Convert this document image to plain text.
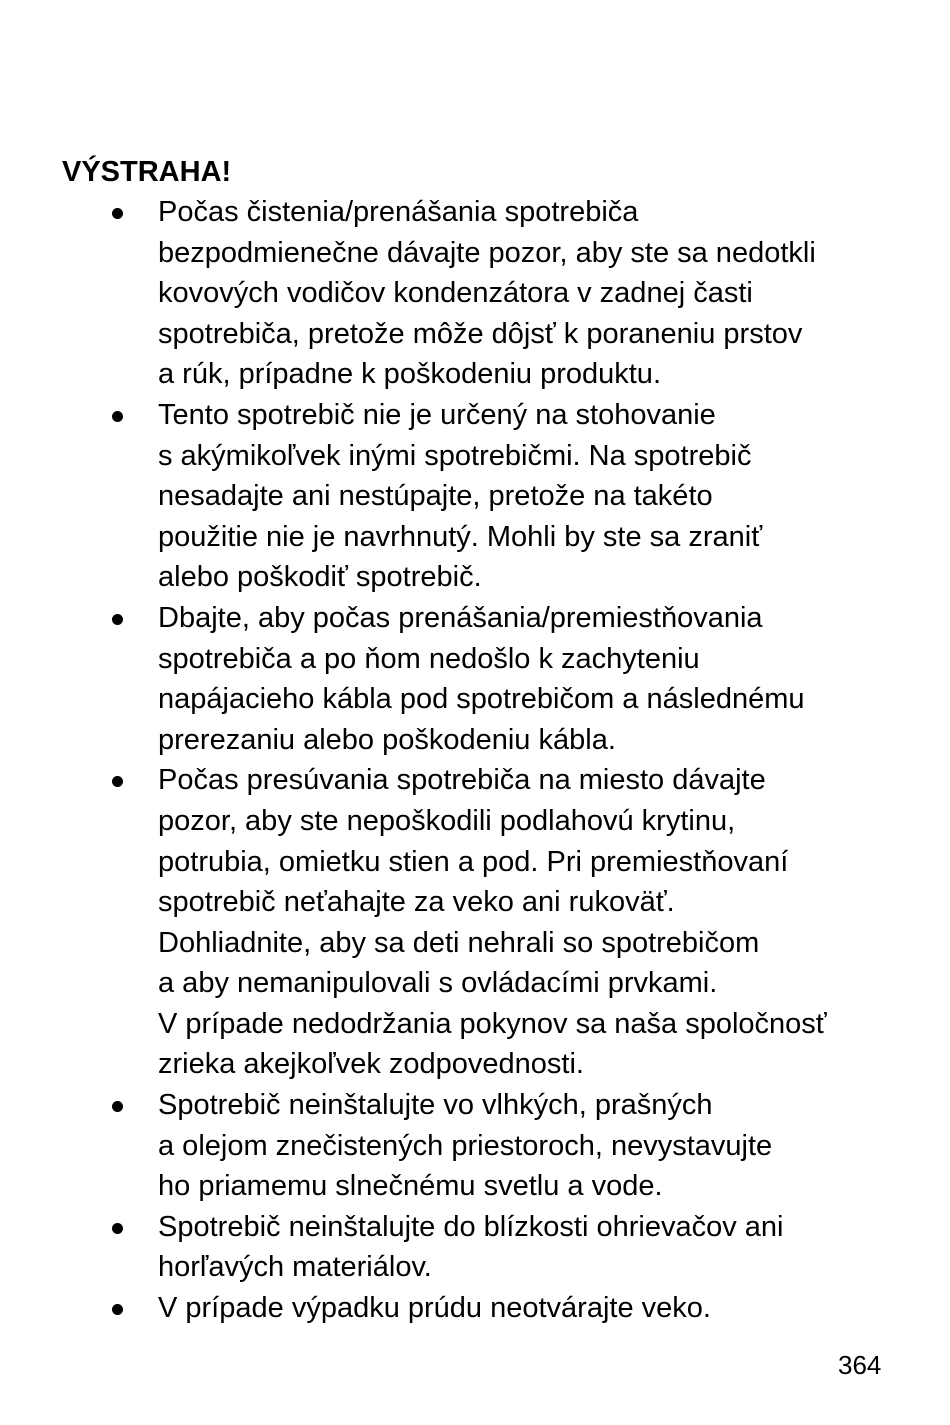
VÝSTRAHA!
Počas čistenia/prenášania spotrebiča
bezpodmienečne dávajte pozor, aby ste sa nedotkli
kovových vodičov kondenzátora v zadnej časti
spotrebiča, pretože môže dôjsť k poraneniu prstov
a rúk, prípadne k poškodeniu produktu.
Tento spotrebič nie je určený na stohovanie
s akýmikoľvek inými spotrebičmi. Na spotrebič
nesadajte ani nestúpajte, pretože na takéto
použitie nie je navrhnutý. Mohli by ste sa zraniť
alebo poškodiť spotrebič.
Dbajte, aby počas prenášania/premiestňovania
spotrebiča a po ňom nedošlo k zachyteniu
napájacieho kábla pod spotrebičom a následnému
prerezaniu alebo poškodeniu kábla.
Počas presúvania spotrebiča na miesto dávajte
pozor, aby ste nepoškodili podlahovú krytinu,
potrubia, omietku stien a pod. Pri premiestňovaní
spotrebič neťahajte za veko ani rukoväť.
Dohliadnite, aby sa deti nehrali so spotrebičom
a aby nemanipulovali s ovládacími prvkami.
V prípade nedodržania pokynov sa naša spoločnosť
zrieka akejkoľvek zodpovednosti.
Spotrebič neinštalujte vo vlhkých, prašných
a olejom znečistených priestoroch, nevystavujte
ho priamemu slnečnému svetlu a vode.
Spotrebič neinštalujte do blízkosti ohrievačov ani
horľavých materiálov.
V prípade výpadku prúdu neotvárajte veko.
364
